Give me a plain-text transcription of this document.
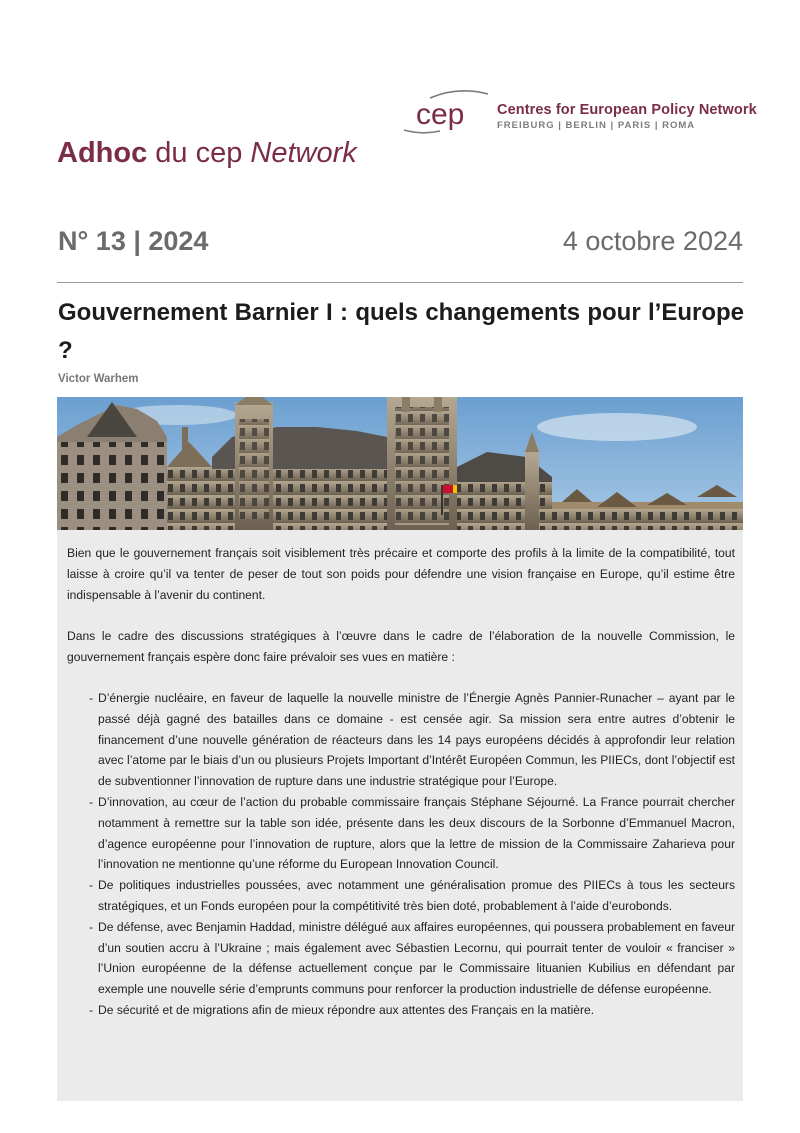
cep Centres for European Policy Network
FREIBURG | BERLIN | PARIS | ROMA
Adhoc du cep Network
N° 13 | 2024	4 octobre 2024
Gouvernement Barnier I : quels changements pour l’Europe ?
Victor Warhem

Bien que le gouvernement français soit visiblement très précaire et comporte des profils à la limite de la compatibilité, tout laisse à croire qu’il va tenter de peser de tout son poids pour défendre une vision française en Europe, qu’il estime être indispensable à l’avenir du continent.

Dans le cadre des discussions stratégiques à l’œuvre dans le cadre de l’élaboration de la nouvelle Commission, le gouvernement français espère donc faire prévaloir ses vues en matière :

- D’énergie nucléaire, en faveur de laquelle la nouvelle ministre de l’Énergie Agnès Pannier-Runacher – ayant par le passé déjà gagné des batailles dans ce domaine - est censée agir. Sa mission sera entre autres d’obtenir le financement d’une nouvelle génération de réacteurs dans les 14 pays européens décidés à approfondir leur relation avec l’atome par le biais d’un ou plusieurs Projets Important d’Intérêt Européen Commun, les PIIECs, dont l’objectif est de subventionner l’innovation de rupture dans une industrie stratégique pour l’Europe.
- D’innovation, au cœur de l’action du probable commissaire français Stéphane Séjourné. La France pourrait chercher notamment à remettre sur la table son idée, présente dans les deux discours de la Sorbonne d’Emmanuel Macron, d’agence européenne pour l’innovation de rupture, alors que la lettre de mission de la Commissaire Zaharieva pour l’innovation ne mentionne qu’une réforme du European Innovation Council.
- De politiques industrielles poussées, avec notamment une généralisation promue des PIIECs à tous les secteurs stratégiques, et un Fonds européen pour la compétitivité très bien doté, probablement à l’aide d’eurobonds.
- De défense, avec Benjamin Haddad, ministre délégué aux affaires européennes, qui poussera probablement en faveur d’un soutien accru à l’Ukraine ; mais également avec Sébastien Lecornu, qui pourrait tenter de vouloir « franciser » l’Union européenne de la défense actuellement conçue par le Commissaire lituanien Kubilius en défendant par exemple une nouvelle série d’emprunts communs pour renforcer la production industrielle de défense européenne.
- De sécurité et de migrations afin de mieux répondre aux attentes des Français en la matière.
